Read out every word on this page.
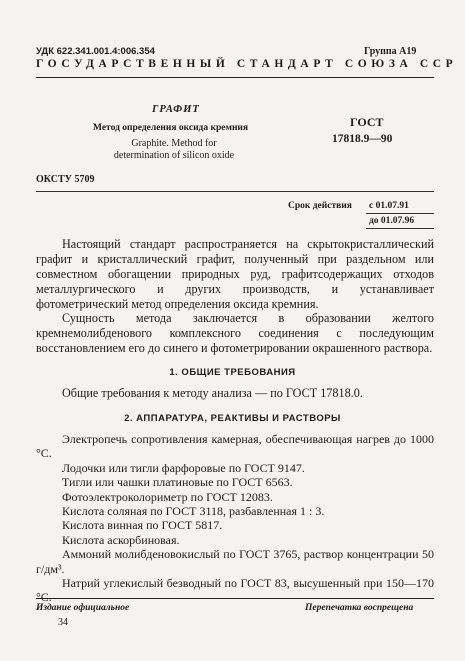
УДК 622.341.001.4:006.354	Группа А19
ГОСУДАРСТВЕННЫЙ СТАНДАРТ СОЮЗА ССР
ГРАФИТ
Метод определения оксида кремния
Graphite. Method for determination of silicon oxide
ГОСТ
17818.9—90
ОКСТУ 5709
Срок действия с 01.07.91
до 01.07.96
Настоящий стандарт распространяется на скрытокристаллический графит и кристаллический графит, полученный при раздельном или совместном обогащении природных руд, графитсодержащих отходов металлургического и других производств, и устанавливает фотометрический метод определения оксида кремния.
Сущность метода заключается в образовании желтого кремнемолибденового комплексного соединения с последующим восстановлением его до синего и фотометрировании окрашенного раствора.
1. ОБЩИЕ ТРЕБОВАНИЯ
Общие требования к методу анализа — по ГОСТ 17818.0.
2. АППАРАТУРА, РЕАКТИВЫ И РАСТВОРЫ
Электропечь сопротивления камерная, обеспечивающая нагрев до 1000 °С.
Лодочки или тигли фарфоровые по ГОСТ 9147.
Тигли или чашки платиновые по ГОСТ 6563.
Фотоэлектроколориметр по ГОСТ 12083.
Кислота соляная по ГОСТ 3118, разбавленная 1 : 3.
Кислота винная по ГОСТ 5817.
Кислота аскорбиновая.
Аммоний молибденовокислый по ГОСТ 3765, раствор концентрации 50 г/дм³.
Натрий углекислый безводный по ГОСТ 83, высушенный при 150—170 °С.
Издание официальное	Перепечатка воспрещена
34
